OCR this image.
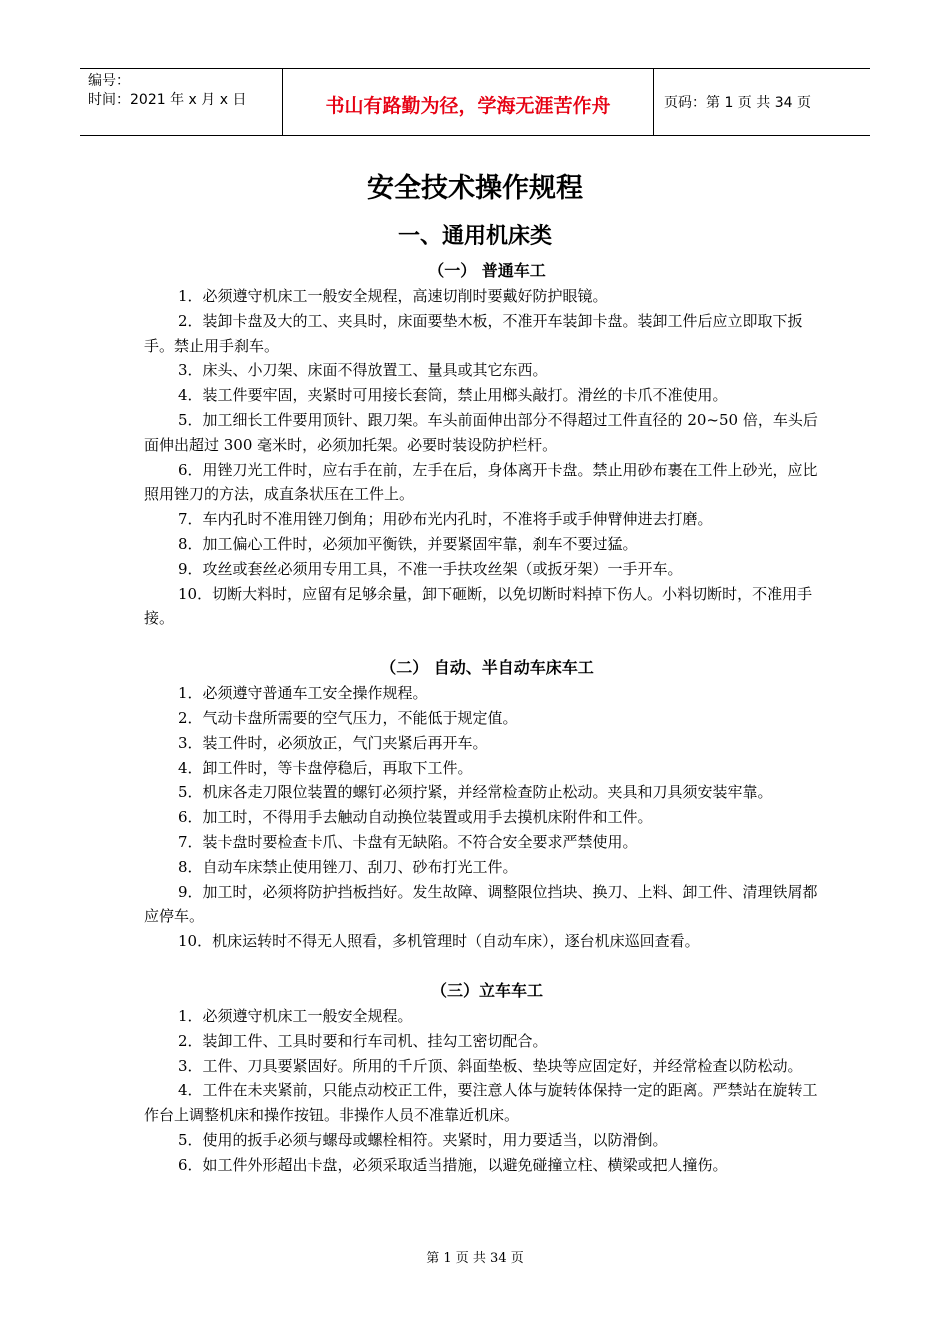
编号：
时间：2021 年 x 月 x 日	书山有路勤为径，学海无涯苦作舟	页码：第 1 页 共 34 页
安全技术操作规程
一、通用机床类
（一） 普通车工

1．必须遵守机床工一般安全规程，高速切削时要戴好防护眼镜。

2．装卸卡盘及大的工、夹具时，床面要垫木板，不准开车装卸卡盘。装卸工件后应立即取下扳手。禁止用手刹车。

3．床头、小刀架、床面不得放置工、量具或其它东西。

4．装工件要牢固，夹紧时可用接长套筒，禁止用榔头敲打。滑丝的卡爪不准使用。

5．加工细长工件要用顶针、跟刀架。车头前面伸出部分不得超过工件直径的 20~50 倍，车头后面伸出超过 300 毫米时，必须加托架。必要时装设防护栏杆。

6．用锉刀光工件时，应右手在前，左手在后，身体离开卡盘。禁止用砂布裹在工件上砂光，应比照用锉刀的方法，成直条状压在工件上。

7．车内孔时不准用锉刀倒角；用砂布光内孔时，不准将手或手伸臂伸进去打磨。

8．加工偏心工件时，必须加平衡铁，并要紧固牢靠，刹车不要过猛。

9．攻丝或套丝必须用专用工具，不准一手扶攻丝架（或扳牙架）一手开车。

10．切断大料时，应留有足够余量，卸下砸断，以免切断时料掉下伤人。小料切断时，不准用手接。

（二） 自动、半自动车床车工

1．必须遵守普通车工安全操作规程。

2．气动卡盘所需要的空气压力，不能低于规定值。

3．装工件时，必须放正，气门夹紧后再开车。

4．卸工件时，等卡盘停稳后，再取下工件。

5．机床各走刀限位装置的螺钉必须拧紧，并经常检查防止松动。夹具和刀具须安装牢靠。

6．加工时，不得用手去触动自动换位装置或用手去摸机床附件和工件。

7．装卡盘时要检查卡爪、卡盘有无缺陷。不符合安全要求严禁使用。

8．自动车床禁止使用锉刀、刮刀、砂布打光工件。

9．加工时，必须将防护挡板挡好。发生故障、调整限位挡块、换刀、上料、卸工件、清理铁屑都应停车。

10．机床运转时不得无人照看，多机管理时（自动车床），逐台机床巡回查看。

（三）立车车工

1．必须遵守机床工一般安全规程。

2．装卸工件、工具时要和行车司机、挂勾工密切配合。

3．工件、刀具要紧固好。所用的千斤顶、斜面垫板、垫块等应固定好，并经常检查以防松动。

4．工件在未夹紧前，只能点动校正工件，要注意人体与旋转体保持一定的距离。严禁站在旋转工作台上调整机床和操作按钮。非操作人员不准靠近机床。

5．使用的扳手必须与螺母或螺栓相符。夹紧时，用力要适当，以防滑倒。

6．如工件外形超出卡盘，必须采取适当措施，以避免碰撞立柱、横梁或把人撞伤。

第 1 页 共 34 页
